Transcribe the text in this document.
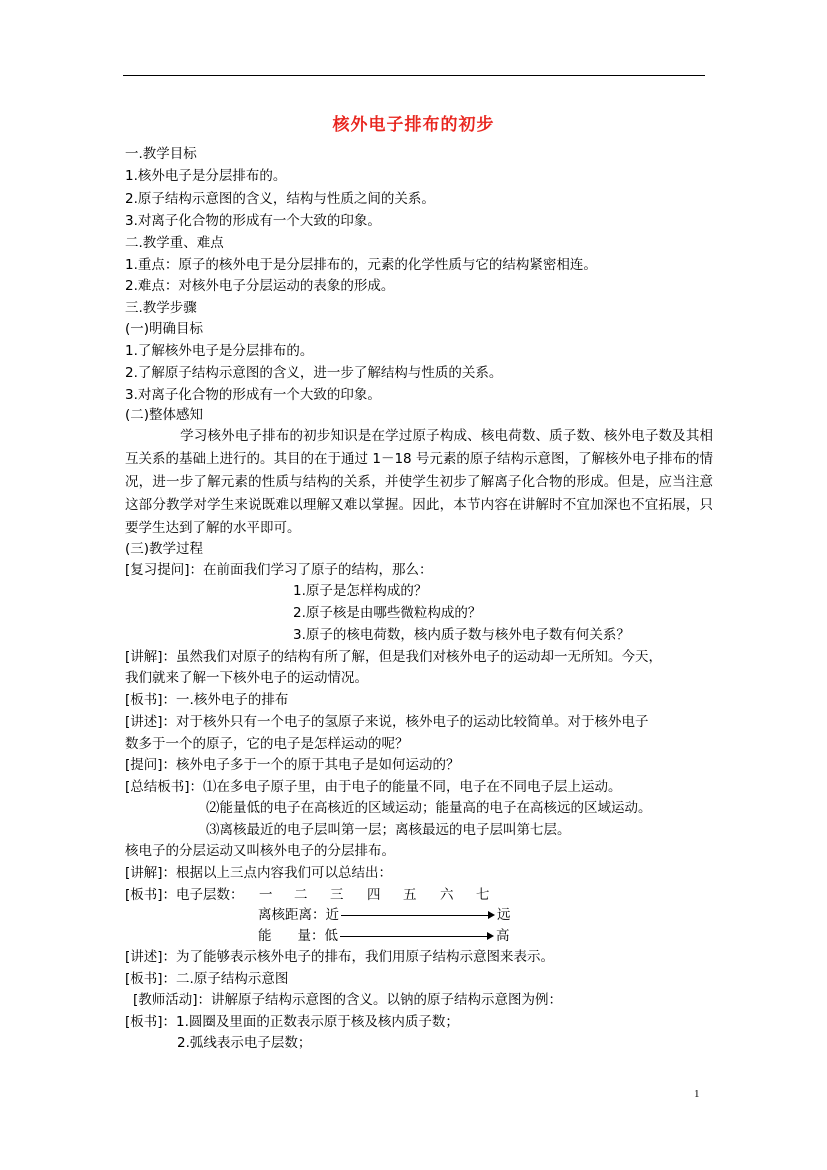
核外电子排布的初步
一.教学目标
1.核外电子是分层排布的。
2.原子结构示意图的含义，结构与性质之间的关系。
3.对离子化合物的形成有一个大致的印象。
二.教学重、难点
1.重点：原子的核外电于是分层排布的，元素的化学性质与它的结构紧密相连。
2.难点：对核外电子分层运动的表象的形成。
三.教学步骤
(一)明确目标
1.了解核外电子是分层排布的。
2.了解原子结构示意图的含义，进一步了解结构与性质的关系。
3.对离子化合物的形成有一个大致的印象。
(二)整体感知
学习核外电子排布的初步知识是在学过原子构成、核电荷数、质子数、核外电子数及其相互关系的基础上进行的。其目的在于通过 1－18 号元素的原子结构示意图，了解核外电子排布的情况，进一步了解元素的性质与结构的关系，并使学生初步了解离子化合物的形成。但是，应当注意这部分教学对学生来说既难以理解又难以掌握。因此，本节内容在讲解时不宜加深也不宜拓展，只要学生达到了解的水平即可。
(三)教学过程
[复习提问]：在前面我们学习了原子的结构，那么：
1.原子是怎样构成的？
2.原子核是由哪些微粒构成的？
3.原子的核电荷数，核内质子数与核外电子数有何关系？
[讲解]：虽然我们对原子的结构有所了解，但是我们对核外电子的运动却一无所知。今天，
我们就来了解一下核外电子的运动情况。
[板书]：一.核外电子的排布
[讲述]：对于核外只有一个电子的氢原子来说，核外电子的运动比较简单。对于核外电子
数多于一个的原子，它的电子是怎样运动的呢？
[提问]：核外电子多于一个的原于其电子是如何运动的？
[总结板书]：⑴在多电子原子里，由于电子的能量不同，电子在不同电子层上运动。
⑵能量低的电子在高核近的区域运动；能量高的电子在高核远的区域运动。
⑶离核最近的电子层叫第一层；离核最远的电子层叫第七层。
核电子的分层运动又叫核外电子的分层排布。
[讲解]：根据以上三点内容我们可以总结出：
[板书]：电子层数： 一 二 三 四 五 六 七
离核距离：近	远
能 量：低	高
[讲述]：为了能够表示核外电子的排布，我们用原子结构示意图来表示。
[板书]：二.原子结构示意图
[教师活动]：讲解原子结构示意图的含义。以钠的原子结构示意图为例：
[板书]：1.圆圈及里面的正数表示原于核及核内质子数；
2.弧线表示电子层数；
1
